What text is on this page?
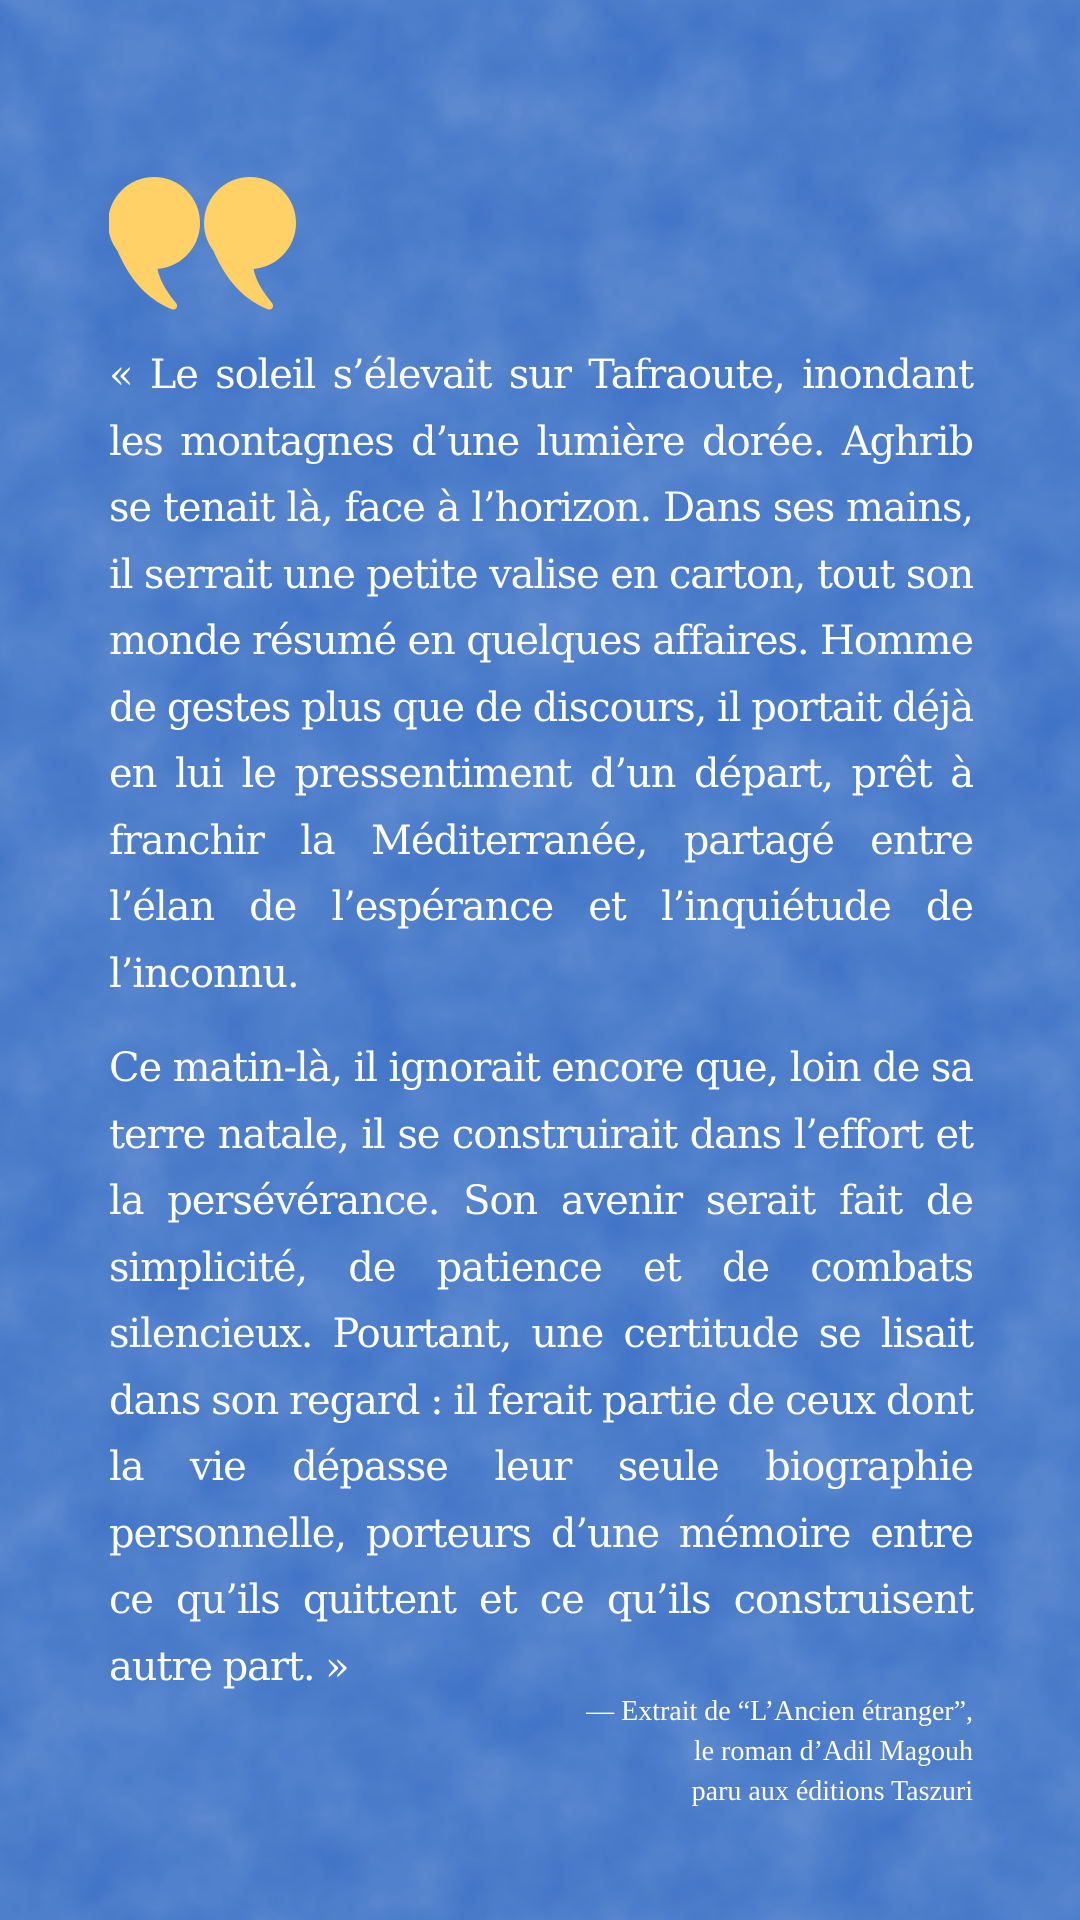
« Le soleil s’élevait sur Tafraoute, inondant les montagnes d’une lumière dorée. Aghrib se tenait là, face à l’horizon. Dans ses mains, il serrait une petite valise en carton, tout son monde résumé en quelques affaires. Homme de gestes plus que de discours, il portait déjà en lui le pressentiment d’un départ, prêt à franchir la Méditerranée, partagé entre l’élan de l’espérance et l’inquiétude de l’inconnu.

Ce matin-là, il ignorait encore que, loin de sa terre natale, il se construirait dans l’effort et la persévérance. Son avenir serait fait de simplicité, de patience et de combats silencieux. Pourtant, une certitude se lisait dans son regard : il ferait partie de ceux dont la vie dépasse leur seule biographie personnelle, porteurs d’une mémoire entre ce qu’ils quittent et ce qu’ils construisent autre part. »

— Extrait de “L’Ancien étranger”,
le roman d’Adil Magouh
paru aux éditions Taszuri
